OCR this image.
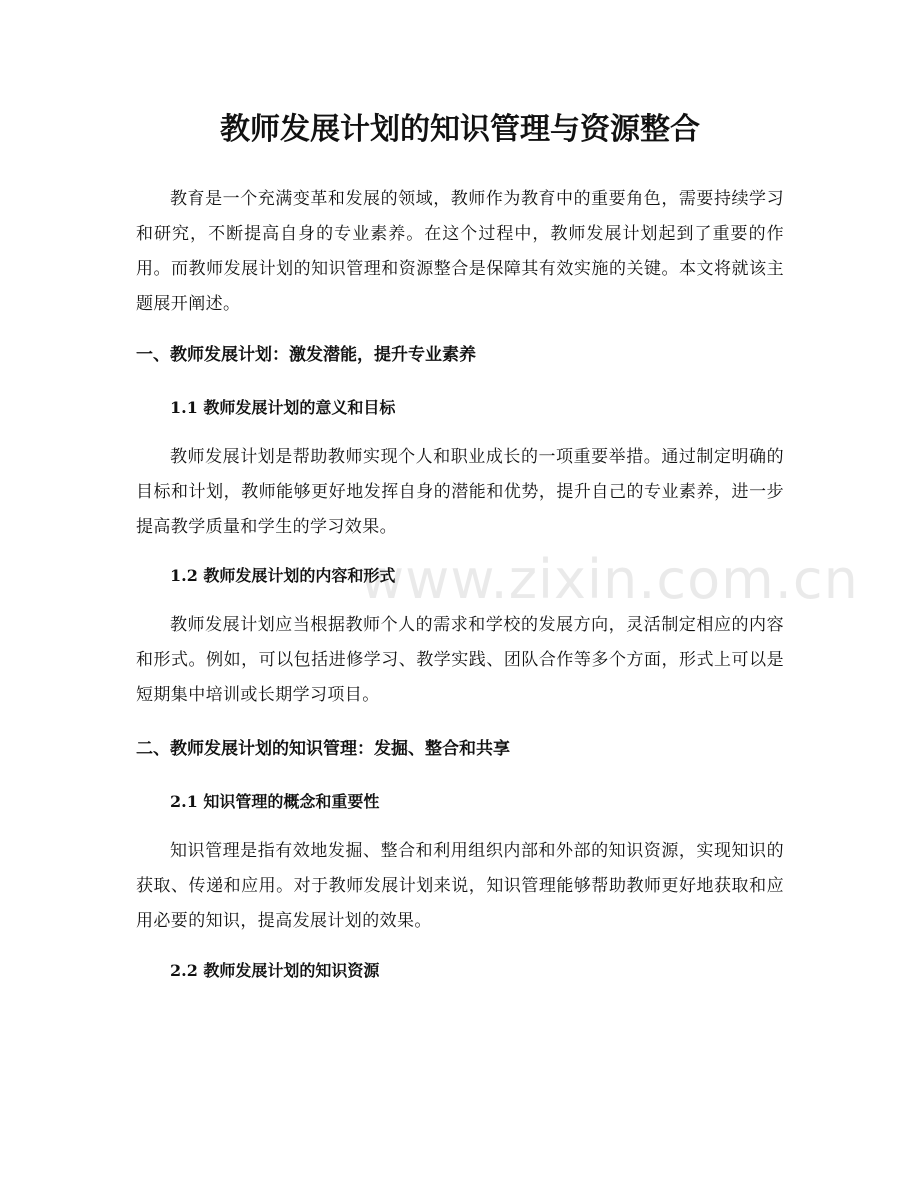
教师发展计划的知识管理与资源整合

教育是一个充满变革和发展的领域，教师作为教育中的重要角色，需要持续学习和研究，不断提高自身的专业素养。在这个过程中，教师发展计划起到了重要的作用。而教师发展计划的知识管理和资源整合是保障其有效实施的关键。本文将就该主题展开阐述。

一、教师发展计划：激发潜能，提升专业素养
1.1 教师发展计划的意义和目标

教师发展计划是帮助教师实现个人和职业成长的一项重要举措。通过制定明确的目标和计划，教师能够更好地发挥自身的潜能和优势，提升自己的专业素养，进一步提高教学质量和学生的学习效果。

1.2 教师发展计划的内容和形式

教师发展计划应当根据教师个人的需求和学校的发展方向，灵活制定相应的内容和形式。例如，可以包括进修学习、教学实践、团队合作等多个方面，形式上可以是短期集中培训或长期学习项目。

二、教师发展计划的知识管理：发掘、整合和共享
2.1 知识管理的概念和重要性

知识管理是指有效地发掘、整合和利用组织内部和外部的知识资源，实现知识的获取、传递和应用。对于教师发展计划来说，知识管理能够帮助教师更好地获取和应用必要的知识，提高发展计划的效果。

2.2 教师发展计划的知识资源
www.zixin.com.cn
